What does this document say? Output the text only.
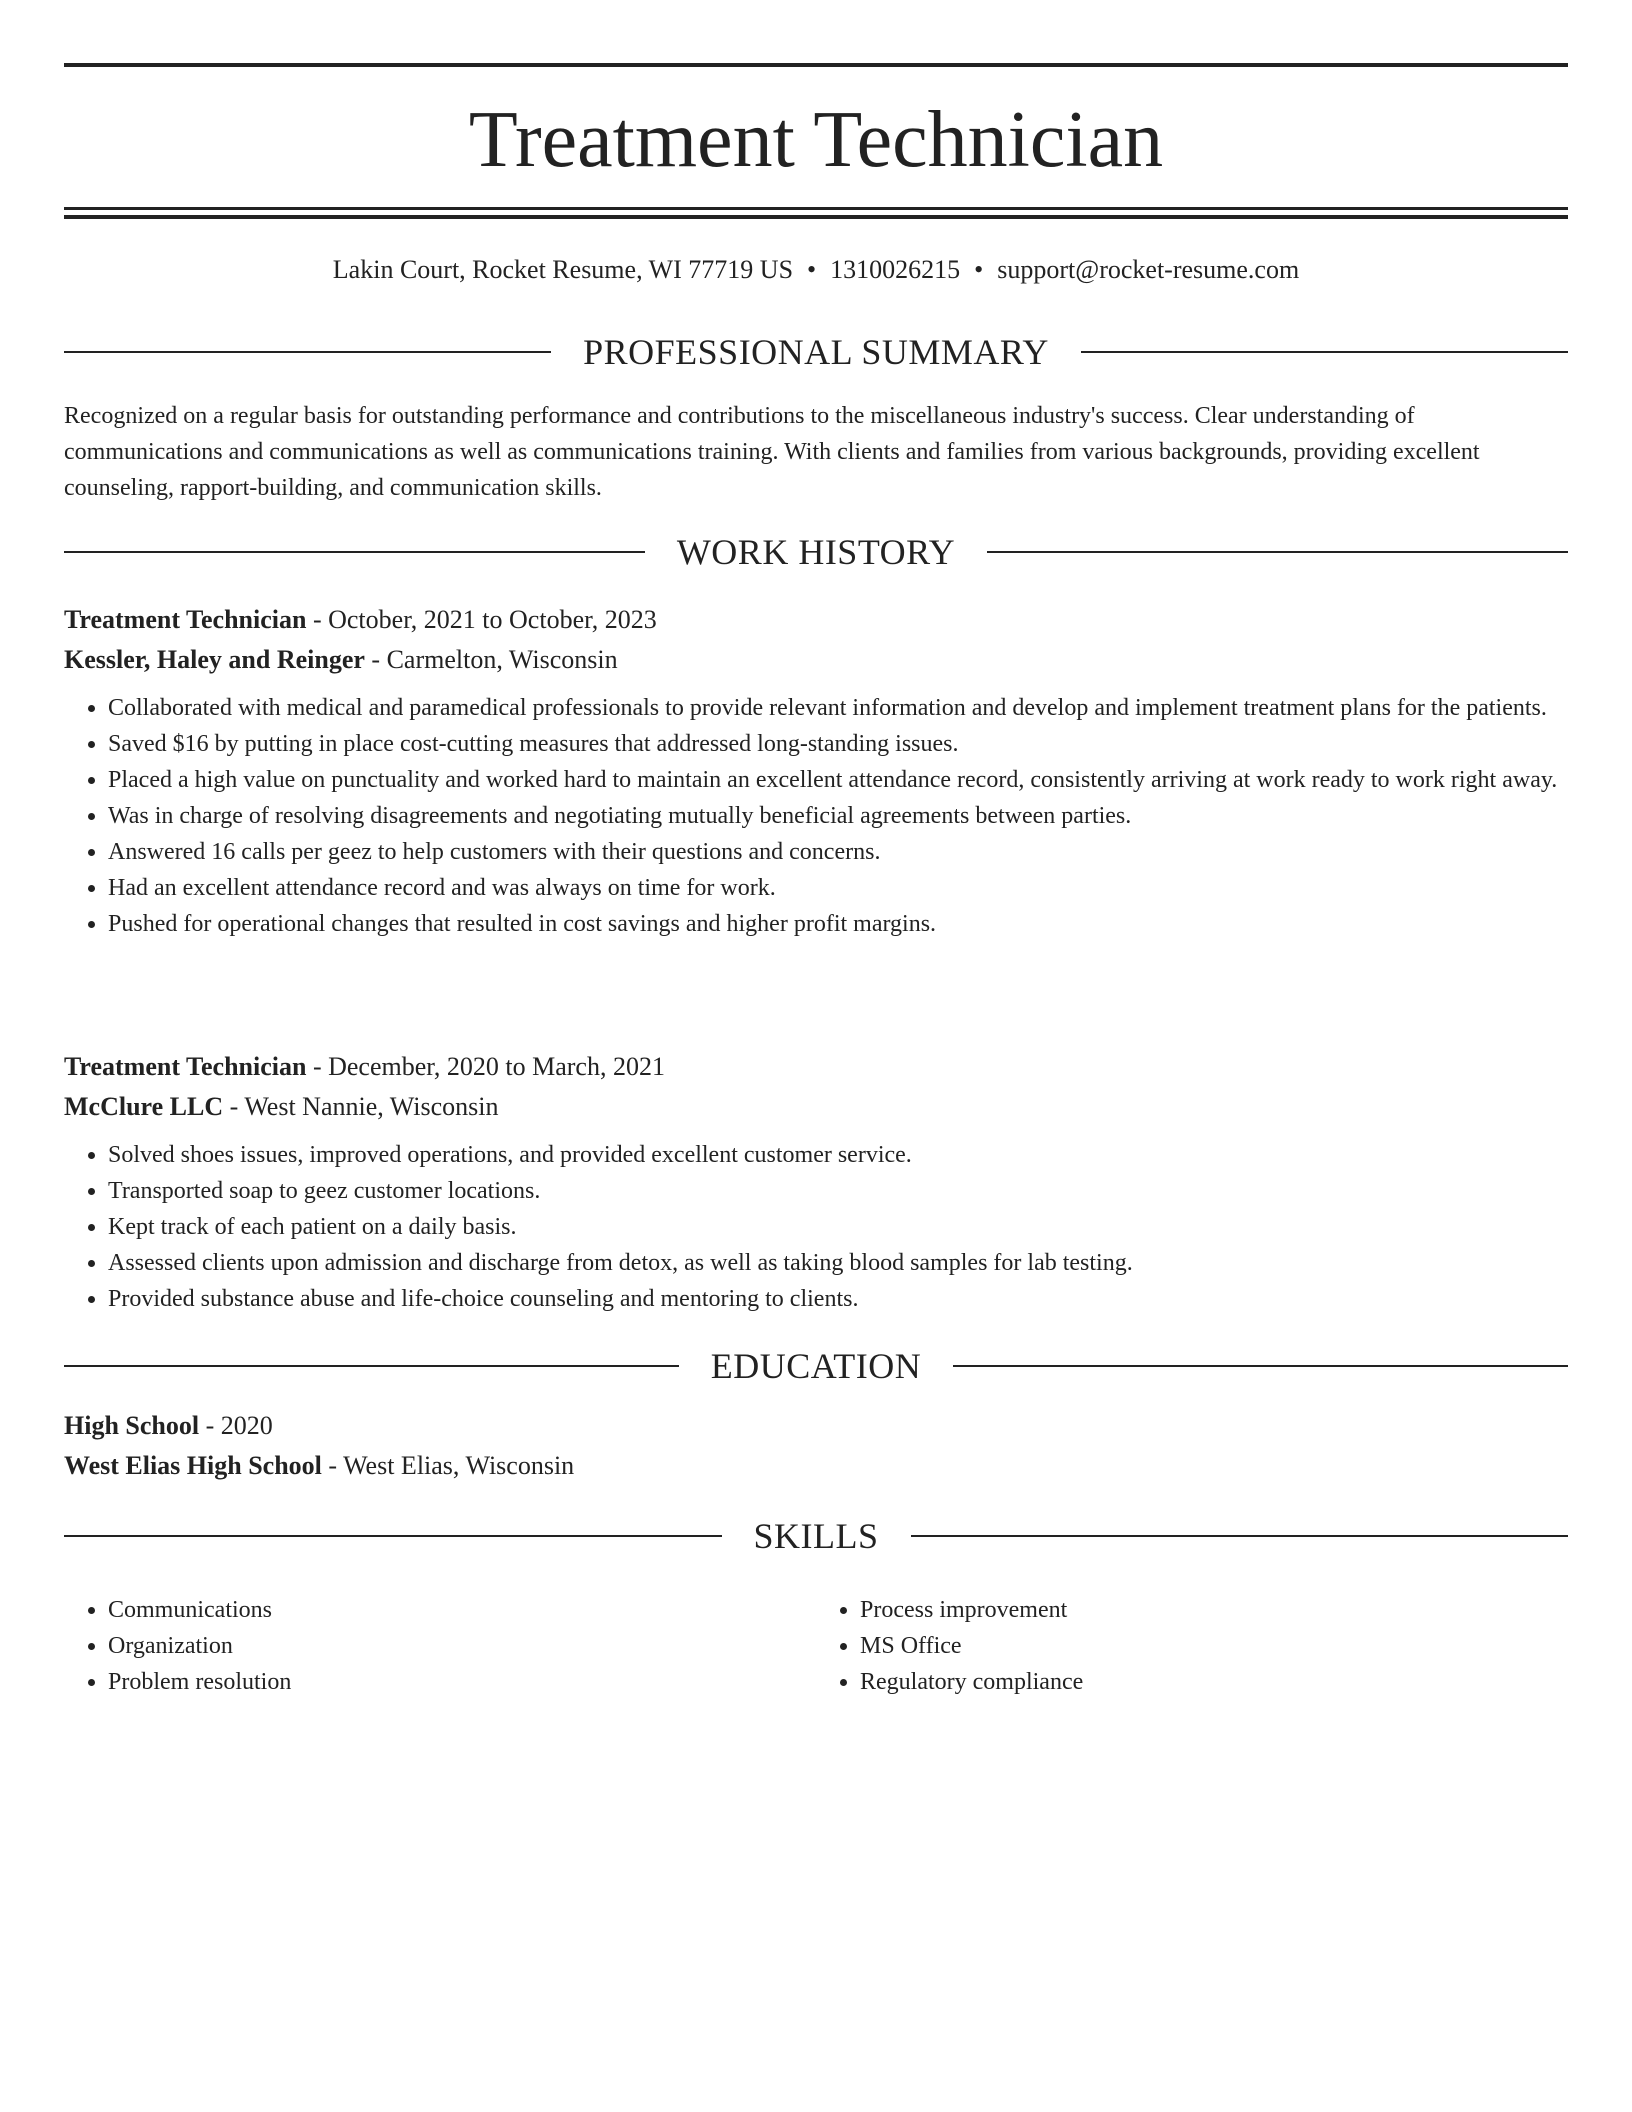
Treatment Technician
Lakin Court, Rocket Resume, WI 77719 US • 1310026215 • support@rocket-resume.com
PROFESSIONAL SUMMARY

Recognized on a regular basis for outstanding performance and contributions to the miscellaneous industry's success. Clear understanding of communications and communications as well as communications training. With clients and families from various backgrounds, providing excellent counseling, rapport-building, and communication skills.

WORK HISTORY
Treatment Technician - October, 2021 to October, 2023
Kessler, Haley and Reinger - Carmelton, Wisconsin
• Collaborated with medical and paramedical professionals to provide relevant information and develop and implement treatment plans for the patients.
• Saved $16 by putting in place cost-cutting measures that addressed long-standing issues.
• Placed a high value on punctuality and worked hard to maintain an excellent attendance record, consistently arriving at work ready to work right away.
• Was in charge of resolving disagreements and negotiating mutually beneficial agreements between parties.
• Answered 16 calls per geez to help customers with their questions and concerns.
• Had an excellent attendance record and was always on time for work.
• Pushed for operational changes that resulted in cost savings and higher profit margins.
Treatment Technician - December, 2020 to March, 2021
McClure LLC - West Nannie, Wisconsin
• Solved shoes issues, improved operations, and provided excellent customer service.
• Transported soap to geez customer locations.
• Kept track of each patient on a daily basis.
• Assessed clients upon admission and discharge from detox, as well as taking blood samples for lab testing.
• Provided substance abuse and life-choice counseling and mentoring to clients.
EDUCATION
High School - 2020
West Elias High School - West Elias, Wisconsin
SKILLS
• Communications
• Organization
• Problem resolution
• Process improvement
• MS Office
• Regulatory compliance
